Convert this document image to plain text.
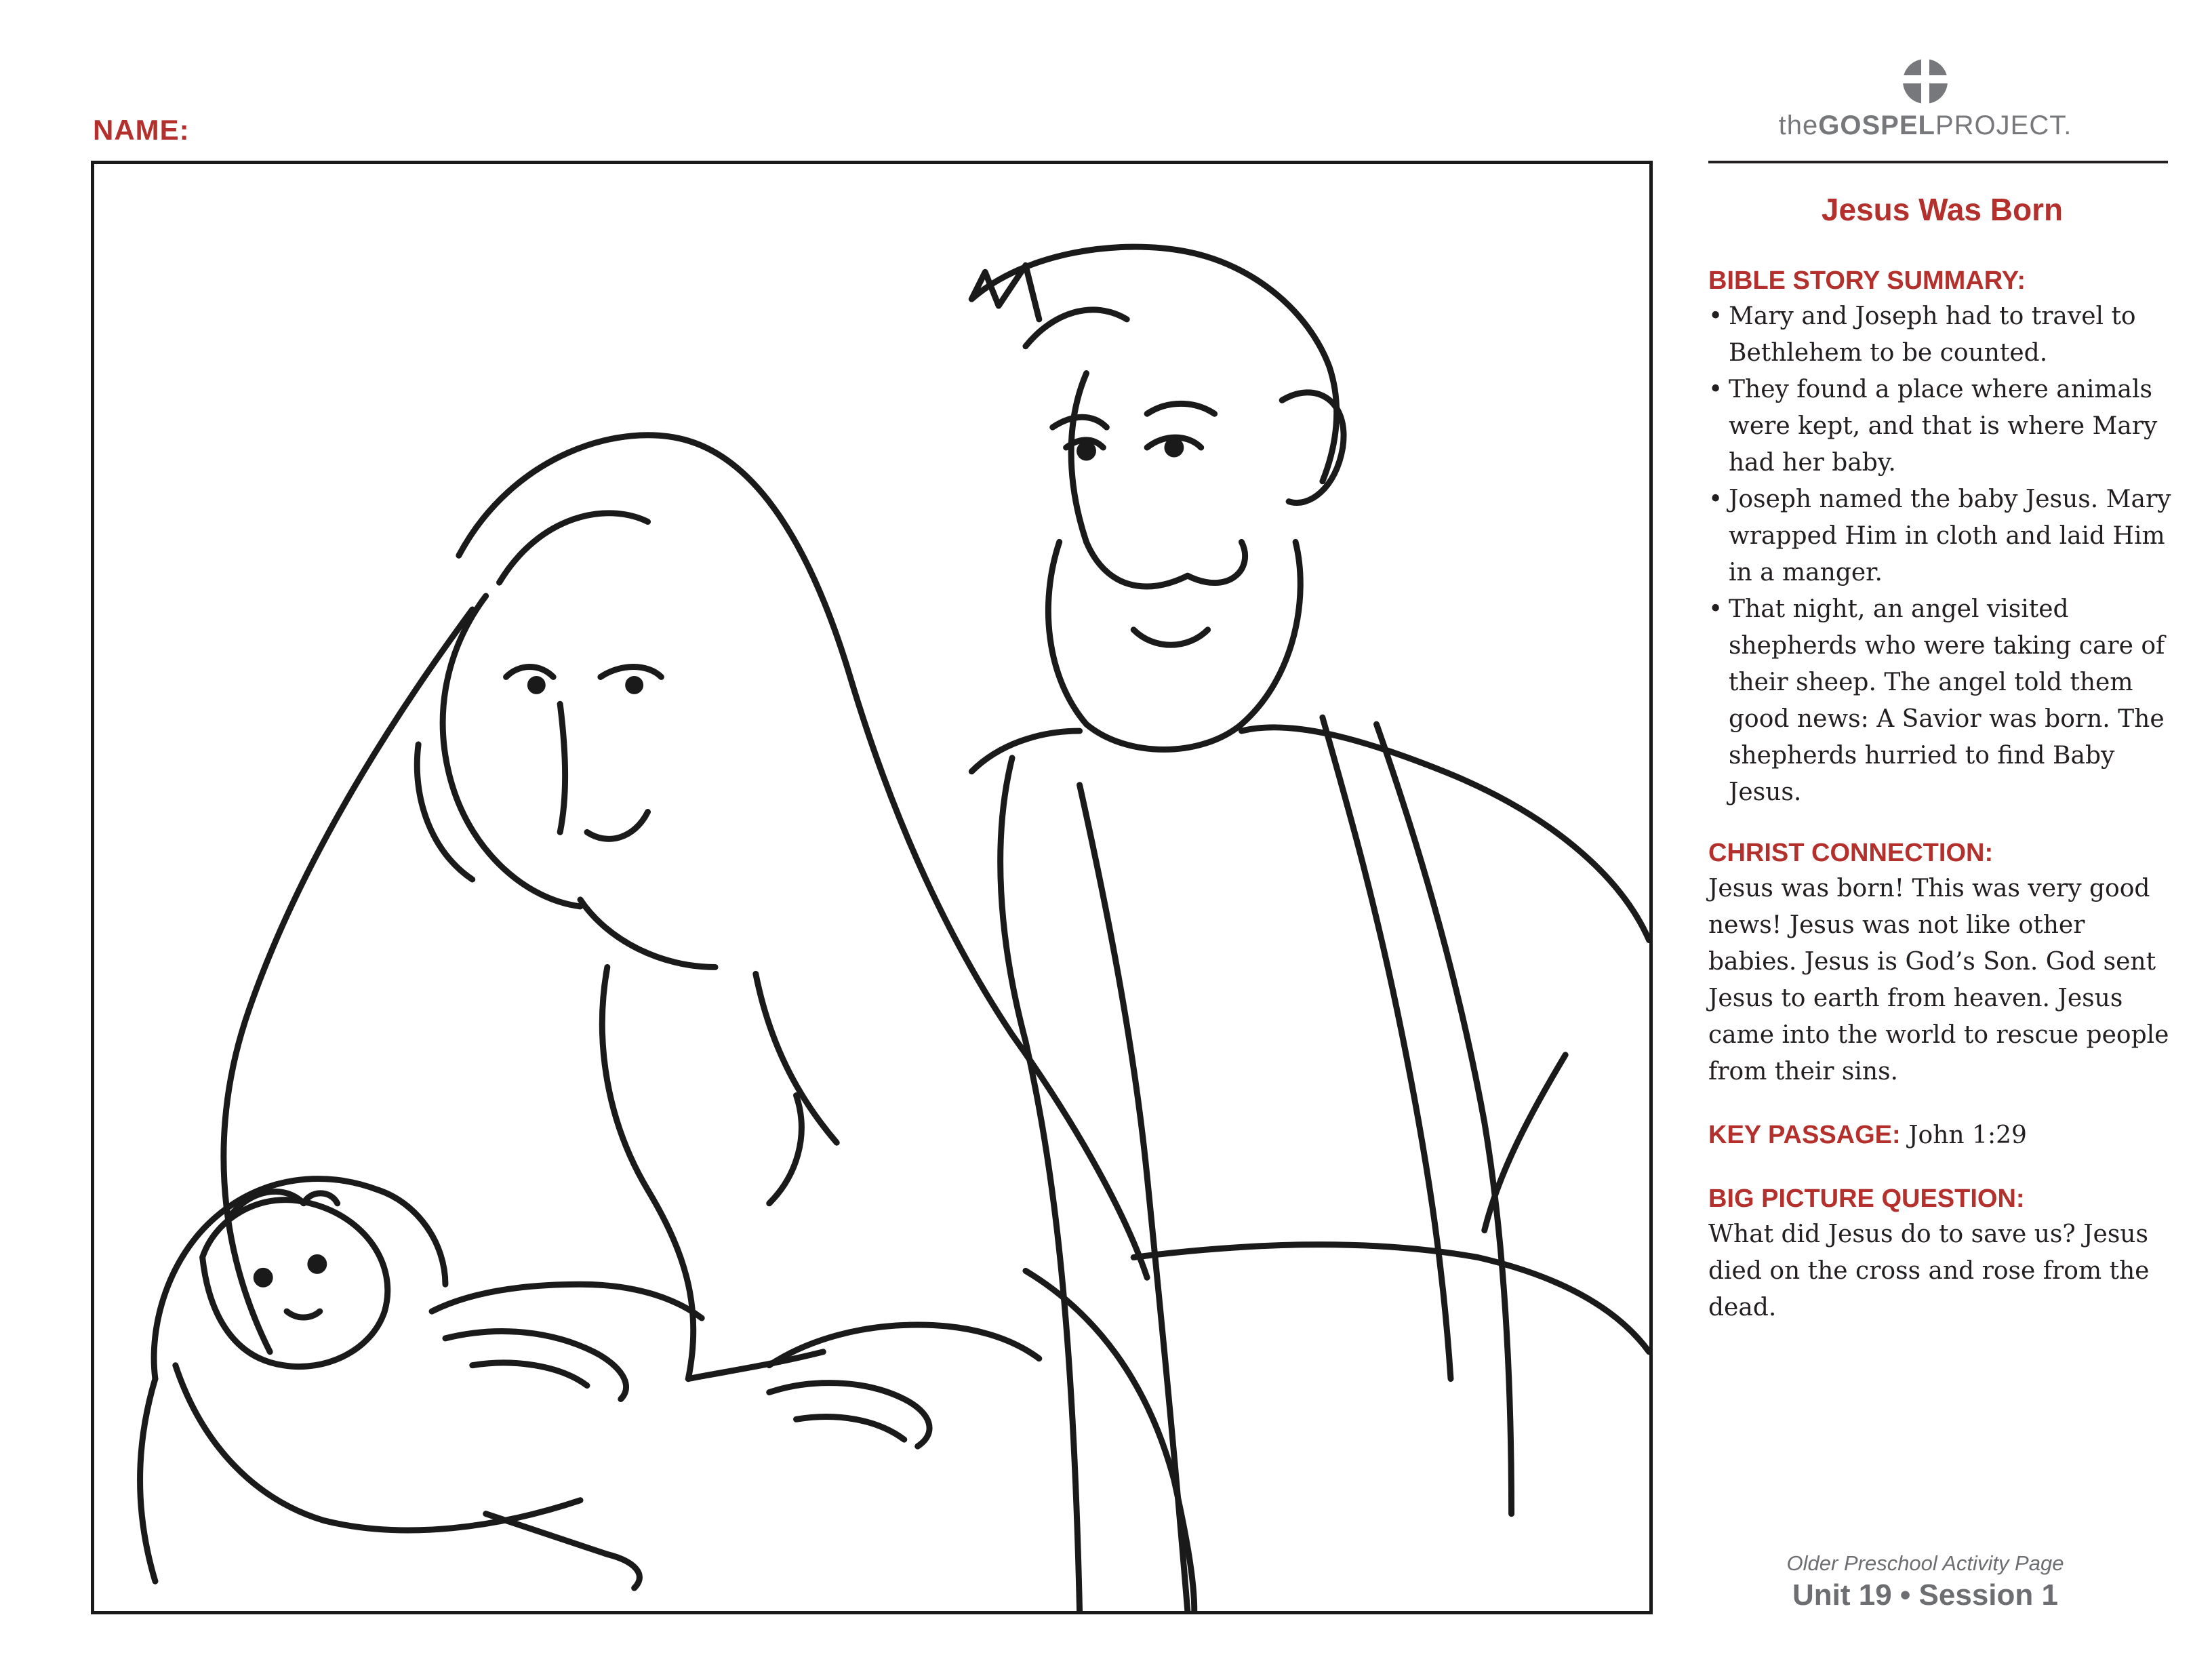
NAME:	theGOSPELPROJECT.
Jesus Was Born
BIBLE STORY SUMMARY:
• Mary and Joseph had to travel to Bethlehem to be counted.
• They found a place where animals were kept, and that is where Mary had her baby.
• Joseph named the baby Jesus. Mary wrapped Him in cloth and laid Him in a manger.
• That night, an angel visited shepherds who were taking care of their sheep. The angel told them good news: A Savior was born. The shepherds hurried to find Baby Jesus.
CHRIST CONNECTION:

Jesus was born! This was very good news! Jesus was not like other babies. Jesus is God’s Son. God sent Jesus to earth from heaven. Jesus came into the world to rescue people from their sins.

KEY PASSAGE: John 1:29
BIG PICTURE QUESTION:

What did Jesus do to save us? Jesus died on the cross and rose from the dead.

Older Preschool Activity Page
Unit 19 • Session 1
